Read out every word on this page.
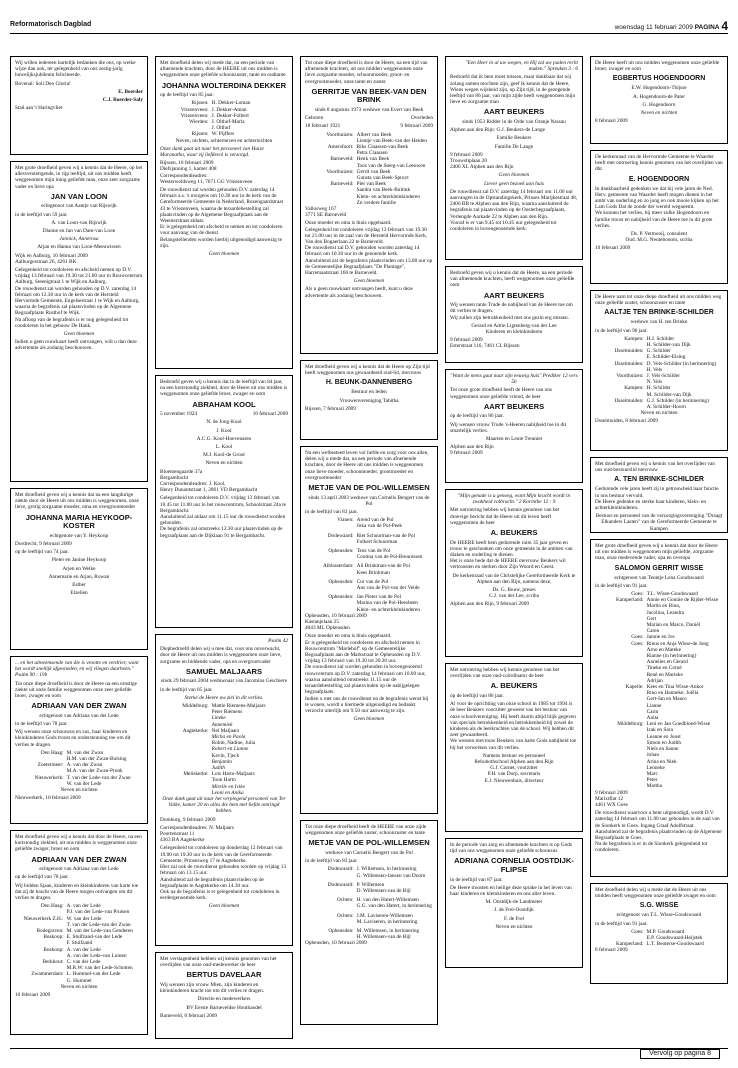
Reformatorisch Dagblad	woensdag 11 februari 2009 PAGINA 4

Wij willen iedereen hartelijk bedanken die ons, op welke wijze dan ook, ter gelegenheid van ons zestig-jarig huwelijksjubileum feliciteerde.

Bovenal: Soli Deo Gloria!

E. Boerder

C.J. Boerder-Saly

Stad aan 't Haringvliet

Met grote droefheid geven wij u kennis dat de Heere, op het allesvernietigende, in rijp leeftijd, uit ons midden heeft weggenomen mijn innig geliefde man, onze zeer zorgzame vader en lieve opa

JAN VAN LOON

echtgenoot van Aantje van Rijswijk

in de leeftijd van 59 jaar.

A. van Loon-van Rijswijk

Dianne en Jan van Dam-van Loon

Jannick, Annerosa

Arjan en Hanna van Loon-Meeuwissen

Wijk en Aalburg, 10 februari 2009
Aalburgerstraat 26, 4261 BK

Gelegenheid tot condoleren en afscheid nemen op D.V. vrijdag 13 februari van 19.30 tot 21.00 uur in Rouwcentrum Aalburg, Steenigtraat 1 te Wijk en Aalburg.
De rouwdienst zal worden gehouden op D.V. zaterdag 14 februari om 12.30 uur in de kerk van de Hersteld Hervormde Gemeente, Engelsestraat 1 te Wijk en Aalburg, waarna de begrafenis zal plaatsvinden op de Algemene Begraafplaats Rusthof te Wijk.
Na afloop van de begrafenis is er nog gelegenheid tot condoleren in het gebouw De Hank.

Geen bloemen

Indien u geen rouwkaart heeft ontvangen, wilt u dan deze advertentie als zodanig beschouwen.

Met droefheid geven wij u kennis dat na een langdurige ziekte door de Heere uit ons midden is weggenomen, onze lieve, grotig zorgzame moeder, oma en overgrootmoeder

JOHANNA MARIA HEYKOOP-KOSTER

echtgenote van Y. Heykoop

Dordrecht, 9 februari 2009

op de leeftijd van 74 jaar.

Pieter en Janine Heykoop

Arjen en Welke

Annemarie en Arjan, Rowan

Esther

Elzelien

... en het uitneemsende van die is vrootte en verdriet; want het wordt snellijk afgesneden, en wij vliegen daarheen." Psalm 90 : 10b

Tot onze diepe droefheid is door de Heere na een ernstige ziekte uit onze familie weggenomen onze zeer geliefde broer, zwager en oom

ADRIAAN VAN DER ZWAN

echtgenoot van Adriana van der Lede

in de leeftijd van 78 jaar.

Wij wensen onze schoonzus en zus, haar kinderen en kleinkinderen Gods troost en ondersteuning toe om dit verlies te dragen.

Den Haag: M. van der Zwan
H.M. van der Zwan-Bulsing
Zoetermeer: A. van der Zwan
M.A. van der Zwan-Pronk
Nieuwerkerk: T. van der Lede-van der Zwan
W. van der Lede

Neven en nichten

Nieuwerkerk, 10 februari 2009

Met droefheid geven wij u kennis dat door de Heere, na een kortstondig ziekbed, uit ons midden is weggenomen onze geliefde zwager, broer en oom

ADRIAAN VAN DER ZWAN

echtgenoot van Adriana van der Lede

op de leeftijd van 78 jaar.

Wij bidden Sjaan, kinderen en kleinkinderen van harte toe dat zij de kracht van de Heere mogen ontvangen om dit verlies te dragen.

Den Haag: A. van der Lede
P.J. van der Lede-van Pruisen
Nieuwerkerk Z.H.: W. van der Lede
T. van der Lede-van der Zwan
Bodegraven: M. van der Lede-van Genderen
Boskoop: E. Stuifzand-van der Lede
F. Stuifzand
Boskoop: A. van der Lede
A. van der Lede-van Luinen
Berkhout: C. van der Lede
M.R.W. van der Lede-Schotten
Zwammerdam: L. Hummel-van der Lede
G. Hummel

Neven en nichten

10 februari 2009

Met droefheid delen wij mede dat, na een periode van afnemende krachten, door de HEERE uit ons midden is weggenomen onze geliefde schoonzuster, tante en oudtante

JOHANNA WOLTERDINA DEKKER

op de leeftijd van 85 jaar.

Rijssen: H. Dekker-Loman
Vriezenveen: J. Dekker-Aman
Vriezenveen: J. Dekker-Folbert
Wierden: J. Olthof-Marla
J. Olthof
Rijssen: W. Pijffers

Neven, nichten, achterneven en achternichten

Onze dank gaat uit naar het personeel van Huize Maranatha, waar zij liefdevol is verzorgd.

Rijssen, 10 februari 2009
Diefsjanning 1, kamer 408
Correspondentieadres:
Westerwoldsweg 11, 7671 GG Vriezenveen

De rouwdienst zal worden gehouden D.V. zaterdag 14 februari a.s. 's morgens om 10.30 uur in de kerk van de Gereformeerde Gemeente in Nederland, Rozengaardstraat 43 te Vriezenveen, waarna de teraardebestelling zal plaatsvinden op de Algemene Begraafplaats aan de Weemerstraat aldaar.
Er is gelegenheid om afscheid te nemen en tot condoleren voor aanvang van de dienst.
Belangstellenden worden hierbij uitgenodigd aanwezig te zijn.

Geen bloemen

Bedroefd geven wij u kennis dat in de leeftijd van 84 jaar, na een kortstondig ziekbed, door de Heere uit ons midden is weggenomen onze geliefde broer, zwager en oom

ABRAHAM KOOL

5 november 1924	10 februari 2009

N. de Jong-Kool

J. Kool

A.C.G. Kool-Hoevenaren

L. Kool

M.J. Kool-de Groot

Neven en nichten

Bloemengaarde 37a
Bergambacht
Correspondentieadres: J. Kool,
Henry Dunantstraat 1, 2861 VD Bergambacht

Gelegenheid tot condoleren D.V. vrijdag 13 februari van 10.45 tot 11.00 uur in het rouwcentrum, Schoolstraat 24a te Bergambacht.
Aansluitend zal aldaar om 11.15 uur de rouwdienst worden gehouden.
De begrafenis zal omstreeks 12.30 uur plaatsvinden op de begraafplaats aan de Dijklaan 91 te Bergambacht.

Psalm 42

Diepbedroefd delen wij u mee dat, voor ons onverwacht, door de Heere uit ons midden is weggenomen onze lieve, zorgzame en biddende vader, opa en overgrootvader

SAMUËL MALJAARS

sinds 29 februari 2004 weduwnaar van Jacomina Geschiere

in de leeftijd van 85 jaar.

Sterke de Heere uw ziel in dit verlies.

Middelburg: Mattie Riemens-Maljaars
Peter Riemens
Lineke
Annemiek
Aagtekerke: Nel Maljaars
Micha en Paola
Robin, Nadine, Julia
Robert en Lianne
Kevin, Tjeck
Benjamin
Judith
Meliskerke: Lois Harto-Maljaars
Toon Harto
Mirelle en Ivike
Leoni en Anika

Onze dank gaat uit naar het verplegend personeel van Ter Valke, kamer 20 en alles die hem met liefde omringd hebben.

Domburg, 9 februari 2009

Correspondentieadres: N. Maljaars
Poortenstraat 11
4363 BA Aagtekerke

Gelegenheid tot condoleren op donderdag 12 februari van 19.00 tot 19.30 uur in de kerk van de Gereformeerde Gemeente, Prinsesweg 17 te Aagtekerke.
Hier zal ook de rouwdienst gehouden worden op vrijdag 13 februari om 13.15 uur.
Aansluitend zal de begrafenis plaatsvinden op de begraafplaats te Aagtekerke om 14.30 uur.
Ook na de begrafenis is er gelegenheid tot condoleren in eerdergenoemde kerk.

Geen bloemen

Met verslagenheid hebben wij kennis genomen van het overlijden van onze oud-medewerker de heer

BERTUS DAVELAAR

Wij wensen zijn vrouw Mien, zijn kinderen en kleinkinderen kracht toe om dit verlies te dragen.

Directie en medewerkers

BV Eerste Barneveldse Houthandel

Barneveld, 8 februari 2009

Tot onze diepe droefheid is door de Heere, na een tijd van afnemende krachten, uit ons midden weggenomen onze lieve zorgzame moeder, schoonmoeder, groot- en overgrootmoeder, onze tante en zuster

GERRITJE VAN BEEK-VAN DEN BRINK

sinds 8 augustus 1973 weduwe van Evert van Beek

Geboren	Overleden

18 februari 1921	9 februari 2009

Voorthuizen: Albert van Beek
Lientje van Beek-van der Heiden
Amersfoort: Riks Claassen-van Beek
Petra Claassen
Barneveld: Henk van Beek
Toos van de Steeg-van Leeuwen
Voorthuizen: Gerrit van Beek
Gunsta van Beek-Spruyt
Barneveld: Piet van Beek
Sandra van Beek-Buitink
Klein- en achterkleinkinderen
Zn verdere familie

Vallosweg 167
3771 SE Barneveld

Onze moeder en oma is thuis opgebaard.
Gelegenheid tot condoleren vrijdag 13 februari van 19.30 tot 21.00 uur in de zaal van de Hersteld Hervormde Kerk, Van den Bogaerlaan 22 te Barneveld.
De rouwdienst zal D.V. gehouden worden zaterdag 14 februari om 10.30 uur in de genoemde kerk.
Aansluitend zal de begrafenis plaatsvinden om 13.00 uur op de Gemeentelijke Begraafplaats "De Plantage", Harremaatstraat 166 te Barneveld.

Geen bloemen

Als u geen rouwkaart ontvangen heeft, kunt u deze advertentie als zodanig beschouwen.

Met droefheid geven wij u kennis dat de Heere op Zijn tijd heeft weggenomen ons gewaardeerd oud-lid, mevrouw

H. BEUNK-DANNENBERG

Bestuur en leden

Vrouwenvereniging Tabitha

Rijssen, 7 februari 2009

Na een welbesteed leven vol liefde en zorg voor ons allen, delen wij u mede dat, na een periode van afnemende krachten, door de Heere uit ons midden is weggenomen onze lieve moeder, schoonmoeder, grootmoeder en overgrootmoeder

METJE VAN DE POL-WILLEMSEN

sinds 13 april 2003 weduwe van Cornelis Bengert van de Pol

in de leeftijd van 83 jaar.

Vianen: Arend van de Pol
Joka van de Pol-Peek
Dodewaard: Riet Schuurman-van de Pol
Folkert Schuurman
Opheusden: Teus van de Pol
Cootina van de Pol-Breunissen
Alblasserdam: Ali Brinkman-van de Pol
Kees Brinkman
Opheusden: Cor van de Pol
Ans van de Pol-van der Velde
Opheusden: Jan Pieter van de Pol
Marina van de Pol-Heesbeen
Klein- en achterkleinkinderen

Opheusden, 10 februari 2009
Kastanjelaan 25
4043 ML Opheusden

Onze moeder en oma is thuis opgebaard.
Er is gelegenheid tot condoleren en afscheid nemen in Rouwcentrum "Marlehof" op de Gemeentelijke Begraafplaats aan de Markstraat te Opheusden op D.V. vrijdag 13 februari van 19.30 tot 20.30 uur.
De rouwdienst zal worden gehouden in bovengenoemd rouwcentrum op D.V. zaterdag 14 februari om 10.00 uur, waarna aansluitend omstreeks 11.15 uur de teraardebestelling zal plaatsvinden op de nabijgelegen begraafplaats.
Indien u met ons de rouwdienst en de begrafenis wenst bij te wonen, wordt u hiermede uitgenodigd en bedankt verzocht uiterlijk om 9.50 uur aanwezig te zijn.

Geen bloemen

Tot onze diepe droefheid heeft de HEERE van onze zijde weggenomen onze geliefde zuster, schoonzuster en tante

METJE VAN DE POL-WILLEMSEN

weduwe van Cornelis Bengert van de Pol

in de leeftijd van 83 jaar.

Dodewaard: J. Willemsen, in herinnering
G. Willemsen-Jansen van Doorn
Dodewaard: P. Willemsen
D. Willemsen-van de Bijl
Ochten: H. van den Hatert-Willemsen
G.G. van den Hatert, in herinnering
Ochten: J.M. Laviseren-Willemsen
M. Laviseren, in herinnering
Opheusden: M. Willemsen, in herinnering
H. Willemsen-van de Bijl

Opheusden, 10 februari 2009

"Een Heer in al uw wegen, en Hij zal uw paden recht maken." Spreuken 3 : 6

Bedroefd dat ik hem moet missen, maar dankbaar dat wij zolang samen mochten zijn, geef ik kennis dat de Heere, Wiens wegen wijsheid zijn, op Zijn tijd, in de gezegende leeftijd van 86 jaar, van mijn zijde heeft weggenomen mijn lieve en zorgzame man

AART BEUKERS

sinds 1953 Ridder in de Orde van Oranje Nassau

Alphen aan den Rijn: G.J. Beukers-de Lange

Familie Beukers

Familie De Lange

9 februari 2009
Trouwstiplaan 20
2406 XL Alphen aan den Rijn

Geen bloemen

Liever geen bezoek aan huis

De rouwdienst zal D.V. zaterdag 14 februari om 11.00 uur aanvangen in de Opstandingskerk, Prinses Marijkestraat 48, 2406 BB te Alphen aan den Rijn, waarna aansluitend de begrafenis zal plaatsvinden op de Oosterbegraafplaats, Verlengde Aarkade 22 te Alphen aan den Rijn.
Vooraf is er van 9.45 tot 10.45 uur gelegenheid tot condoleren in bovengenoemde kerk.

Bedroefd geven wij u kennis dat de Heere, na een periode van afnemende krachten, heeft weggenomen onze geliefde oom

AART BEUKERS

Wij wensen tante Trude de nabijheid van de Heere toe om dit verlies te dragen.
Wij zullen zijn betrokkenheid met ons gezin erg missen.

Gerard en Adrie Ligtenberg-van der Lee
Kinderen en kleinkinderen

9 februari 2009
Esterstraat 116, 7461 CL Rijssen

"Want de mens gaat naar zijn eeuwig huis" Prediker 12 vers 5b

Tot onze grote droefheid heeft de Heere van ons weggenomen onze geliefde vriend, de heer

AART BEUKERS

op de leeftijd van 86 jaar.

Wij wensen vrouw Trude 's-Heeren nabijheid toe in dit smartelijk verlies.

Maarten en Lenie Treuniet

Alphen aan den Rijn
9 februari 2009

"Mijn genade is u genoeg, want Mijn kracht wordt in zwakheid volbracht." 2 Korinthe 12 : 9

Met ontroering hebben wij kennis genomen van het droevige bericht dat de Heere uit dit leven heeft weggenomen de heer

A. BEUKERS

De HEERE heeft hem gedurende ruim 35 jaar geven en trouw te geschonken om onze gemeente in de ambten van diaken en ouderling te dienen.
Het is onze bede dat de HEERE mevrouw Beukers wil vertroosten en sterken door Zijn Woord en Geest.

De kerkenraad van de Christelijke Gereformeerde Kerk te Alphen aan den Rijn, namens deze,

Ds. G. Bouw, preses
C.J. van der Lee, scriba

Alphen aan den Rijn, 9 februari 2009

Met ontroering hebben wij kennis genomen van het overlijden van onze oud-coördinator de heer

A. BEUKERS

op de leeftijd van 86 jaar.

Al voor de oprichting van onze school in 1985 tot 1994 is de heer Beukers voorzitter geweest van het bestuur van onze schoolvereniging. Hij heeft daarin altijd blijk gegeven van speciale betrokkenheid en betrokkenheid bij zowel de kinderen als de leerkrachten van de school. Wij hebben dit zeer gewaardeerd.
We wensen mevrouw Beukers van harte Gods nabijheid toe bij het verwerken van dit verlies.

Namens bestuur en personeel
Rehobothschool Alphen aan den Rijn
G.J. Cornet, voorzitter
P.H. van Dorp, secretaris
E.J. Nieuwenhuis, directeur

In de periode van zorg en afnemende krachten is op Gods tijd van ons weggenomen onze geliefde schoonzus

ADRIANA CORNELIA OOSTDIJK-FLIPSE

in de leeftijd van 87 jaar.

De Heere troosten en heilige deze sprake in het leven van haar kinderen en kleinkinderen en ons aller leven.

M. Oostdijk-de Landmeter

J. de Frel-Oostdijk

F. de Frel

Neven en nichten

De Heere heeft uit ons midden weggenomen onze geliefde broer, zwager en oom

EGBERTUS HOGENDOORN

E.W. Hogendoorn-Thijsse

A. Hogendoorn-de Pater

G. Hogendoorn

Neven en nichten

8 februari 2009

De kerkenraad van de Hervormde Gemeente te Waarder heeft met ontroering kennis genomen van het overlijden van dhr.

E. HOGENDOORN

In dankbaarheid gedenken we dat hij vele jaren de Ned. Herv. gemeente van Waarder heeft mogen dienen in het ambt van ouderling en zo jong en ook mooie kijken op het Lam Gods Dat de zonde der wereld wegneemt.
We kunnen het verlies, bij meer zulke Hogendoorn en familie troost en nabijheid van de Heere toe in dit grote verlies.

Ds. P. Vermooij, consulent
Oud. M.G. Neutebooom, scriba

10 februari 2009

De Heere nam tot onze diepe droefheid uit ons midden weg onze geliefde zuster, schoonzuster en tante

AALTJE TEN BRINKE-SCHILDER

weduwe van H. ten Brinke

in de leeftijd van 90 jaar.

Kampen: H.J. Schilder
H. Schilder-van Dijk
IJsselmuiden: G. Schilder
E. Schilder-Elsing
IJsselmuiden: D. Vels-Schilder (in herinnering)
H. Vels
Voorthuizen: J. Vels-Schilder
N. Vels
Kampen: H. Schilder
M. Schilder-van Dijk
IJsselmuiden: G.J. Schilder (in herinnering)
A. Schilder-Hoorn

Neven en nichten

IJsselmuiden, 8 februari 2009

Met droefheid geven wij u kennis van het overlijden van ons oud-bestuurslid mevrouw

A. TEN BRINKE-SCHILDER

Gedurende vele jaren heeft zij in getrouwheid haar functie in ons bestuur vervuld.
De Heere gedenke en sterke haar kinderen, klein- en achterkleinkinderen.

Bestuur en personeel van de verzorgingsvereniging "Draagt Elkanders Lasten" van de Gereformeerde Gemeente te Kampen

Met grote droefheid geven wij u kennis dat door de Heere uit ons midden is weggenomen mijn geliefde, zorgzame man, onze medevende vader, opa en overopa

SALOMON GERRIT WISSE

echtgenoot van Teuntje Lena Goudswaard

in de leeftijd van 91 jaar.

Goes: T.L. Wisse-Goudswaard
Kamperland: Annie en Gonnie de Rijder-Wisse
Martin en Riun,
Jacolina, Leandra
Gert
Marian en Marco, Daniël
Caren
Goes: Jannie en Jos
Goes: Rinus en Anja Wisse-de Jong
Arno en Mateke
Rianne (in herinnering)
Annelies en Gerard
Tineke en Corné
René en Marieke
Adrijan
Kapelle: Kees en Tina Wisse-Ankor
Rino en Hanneke, Joëlla
Gert-Jan en Mauro
Lianne
Carin
Anita
Middelburg: Leni en Jan Goedbloed-Wisse
Izak en Sara
Leanne en Joost
Simon en Judith
Niels en Sanne
Johan
Arina en Niek
Lenneke
Marc
Peter
Martha

9 februari 2009
Marixtflat 12
4461 WX Goes

De rouwdienst waarvoor u bent uitgenodigd, wordt D.V. zaterdag 14 februari om 11.00 uur gehouden in de zaal van de Sionkerk te Goes. Ingang Graaf Adolfstraat.
Aansluitend zal de begrafenis plaatsvinden op de Algemene Begraafplaats te Goes.
Na de begrafenis is er in de Sionkerk gelegenheid tot condoleren.

Met droefheid delen wij u mede dat de Heere uit ons midden heeft weggenomen onze geliefde zwager en oom

S.G. WISSE

echtgenoot van T.L. Wisse-Goudswaard

in de leeftijd van 91 jaar.

Goes: M.P. Goudswaard
E.P. Goudswaard-Heijstek
Kamperland: L.T. Beuterse-Goudswaard

8 februari 2009

Vervolg op pagina 8
